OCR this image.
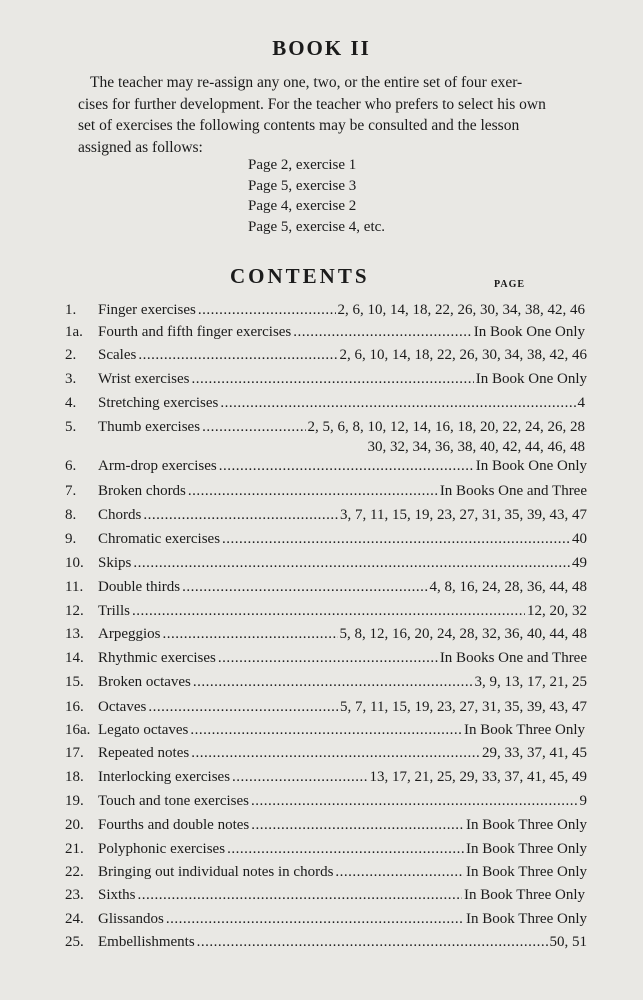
BOOK II
The teacher may re-assign any one, two, or the entire set of four exer-
cises for further development. For the teacher who prefers to select his own
set of exercises the following contents may be consulted and the lesson
assigned as follows:
Page 2, exercise 1
Page 5, exercise 3
Page 4, exercise 2
Page 5, exercise 4, etc.
CONTENTS	PAGE
1. Finger exercises .....	2, 6, 10, 14, 18, 22, 26, 30, 34, 38, 42, 46
1a. Fourth and fifth finger exercises .....	In Book One Only
2. Scales .....	2, 6, 10, 14, 18, 22, 26, 30, 34, 38, 42, 46
3. Wrist exercises .....	In Book One Only
4. Stretching exercises .....	4
5. Thumb exercises .....	2, 5, 6, 8, 10, 12, 14, 16, 18, 20, 22, 24, 26, 28
30, 32, 34, 36, 38, 40, 42, 44, 46, 48
6. Arm-drop exercises .....	In Book One Only
7. Broken chords .....	In Books One and Three
8. Chords .....	3, 7, 11, 15, 19, 23, 27, 31, 35, 39, 43, 47
9. Chromatic exercises .....	40
10. Skips .....	49
11. Double thirds .....	4, 8, 16, 24, 28, 36, 44, 48
12. Trills .....	12, 20, 32
13. Arpeggios .....	5, 8, 12, 16, 20, 24, 28, 32, 36, 40, 44, 48
14. Rhythmic exercises .....	In Books One and Three
15. Broken octaves .....	3, 9, 13, 17, 21, 25
16. Octaves .....	5, 7, 11, 15, 19, 23, 27, 31, 35, 39, 43, 47
16a. Legato octaves .....	In Book Three Only
17. Repeated notes .....	29, 33, 37, 41, 45
18. Interlocking exercises .....	13, 17, 21, 25, 29, 33, 37, 41, 45, 49
19. Touch and tone exercises .....	9
20. Fourths and double notes .....	In Book Three Only
21. Polyphonic exercises .....	In Book Three Only
22. Bringing out individual notes in chords .....	In Book Three Only
23. Sixths .....	In Book Three Only
24. Glissandos .....	In Book Three Only
25. Embellishments .....	50, 51
